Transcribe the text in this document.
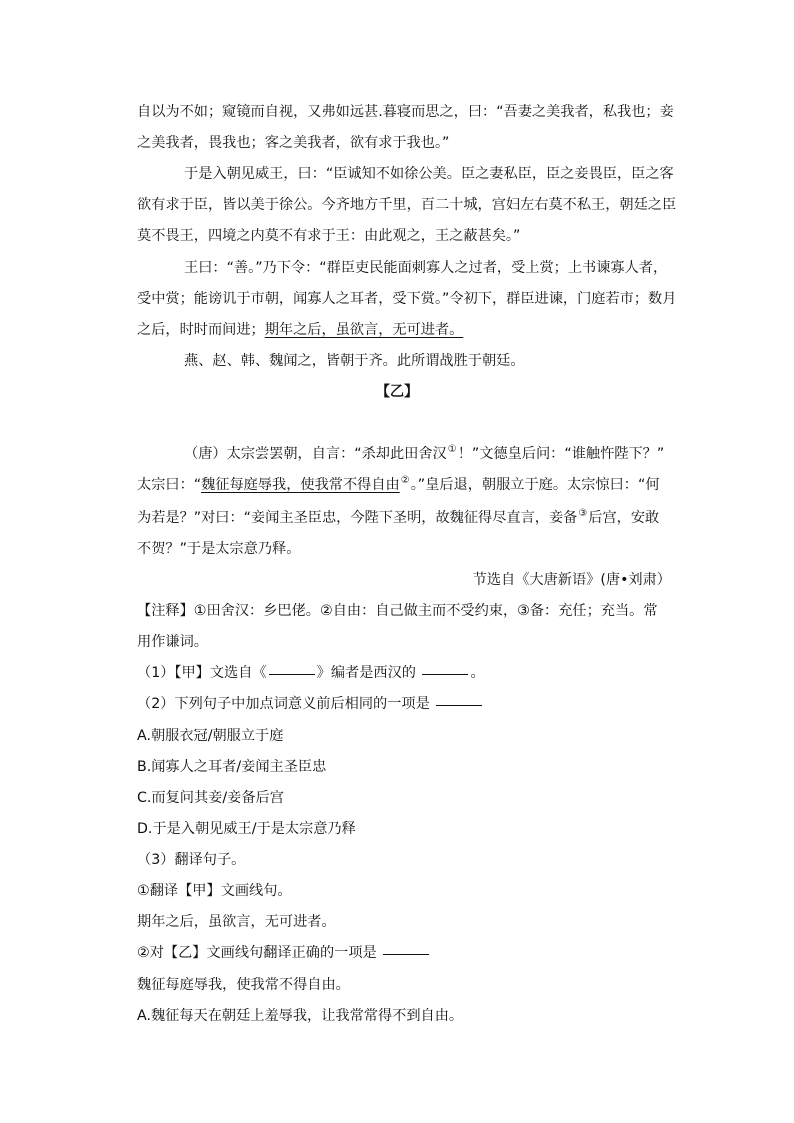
自以为不如；窥镜而自视，又弗如远甚.暮寝而思之，曰：“吾妻之美我者，私我也；妾
之美我者，畏我也；客之美我者，欲有求于我也。”
于是入朝见威王，曰：“臣诚知不如徐公美。臣之妻私臣，臣之妾畏臣，臣之客
欲有求于臣，皆以美于徐公。今齐地方千里，百二十城，宫妇左右莫不私王，朝廷之臣
莫不畏王，四境之内莫不有求于王：由此观之，王之蔽甚矣。”
王曰：“善。”乃下令：“群臣吏民能面刺寡人之过者，受上赏；上书谏寡人者，
受中赏；能谤讥于市朝，闻寡人之耳者，受下赏。”令初下，群臣进谏，门庭若市；数月
之后，时时而间进；期年之后，虽欲言，无可进者。
燕、赵、韩、魏闻之，皆朝于齐。此所谓战胜于朝廷。
【乙】
（唐）太宗尝罢朝，自言：“杀却此田舍汉①！”文德皇后问：“谁触忤陛下？”
太宗曰：“魏征每庭辱我，使我常不得自由②。”皇后退，朝服立于庭。太宗惊曰：“何
为若是？”对曰：“妾闻主圣臣忠，今陛下圣明，故魏征得尽直言，妾备③后宫，安敢
不贺？”于是太宗意乃释。
节选自《大唐新语》(唐•刘肃）
【注释】①田舍汉：乡巴佬。②自由：自己做主而不受约束，③备：充任；充当。常
用作谦词。
（1）【甲】文选自《	》编者是西汉的	。
（2）下列句子中加点词意义前后相同的一项是
A.朝服衣冠/朝服立于庭
B.闻寡人之耳者/妾闻主圣臣忠
C.而复问其妾/妾备后宫
D.于是入朝见威王/于是太宗意乃释
（3）翻译句子。
①翻译【甲】文画线句。
期年之后，虽欲言，无可进者。
②对【乙】文画线句翻译正确的一项是
魏征每庭辱我，使我常不得自由。
A.魏征每天在朝廷上羞辱我，让我常常得不到自由。
